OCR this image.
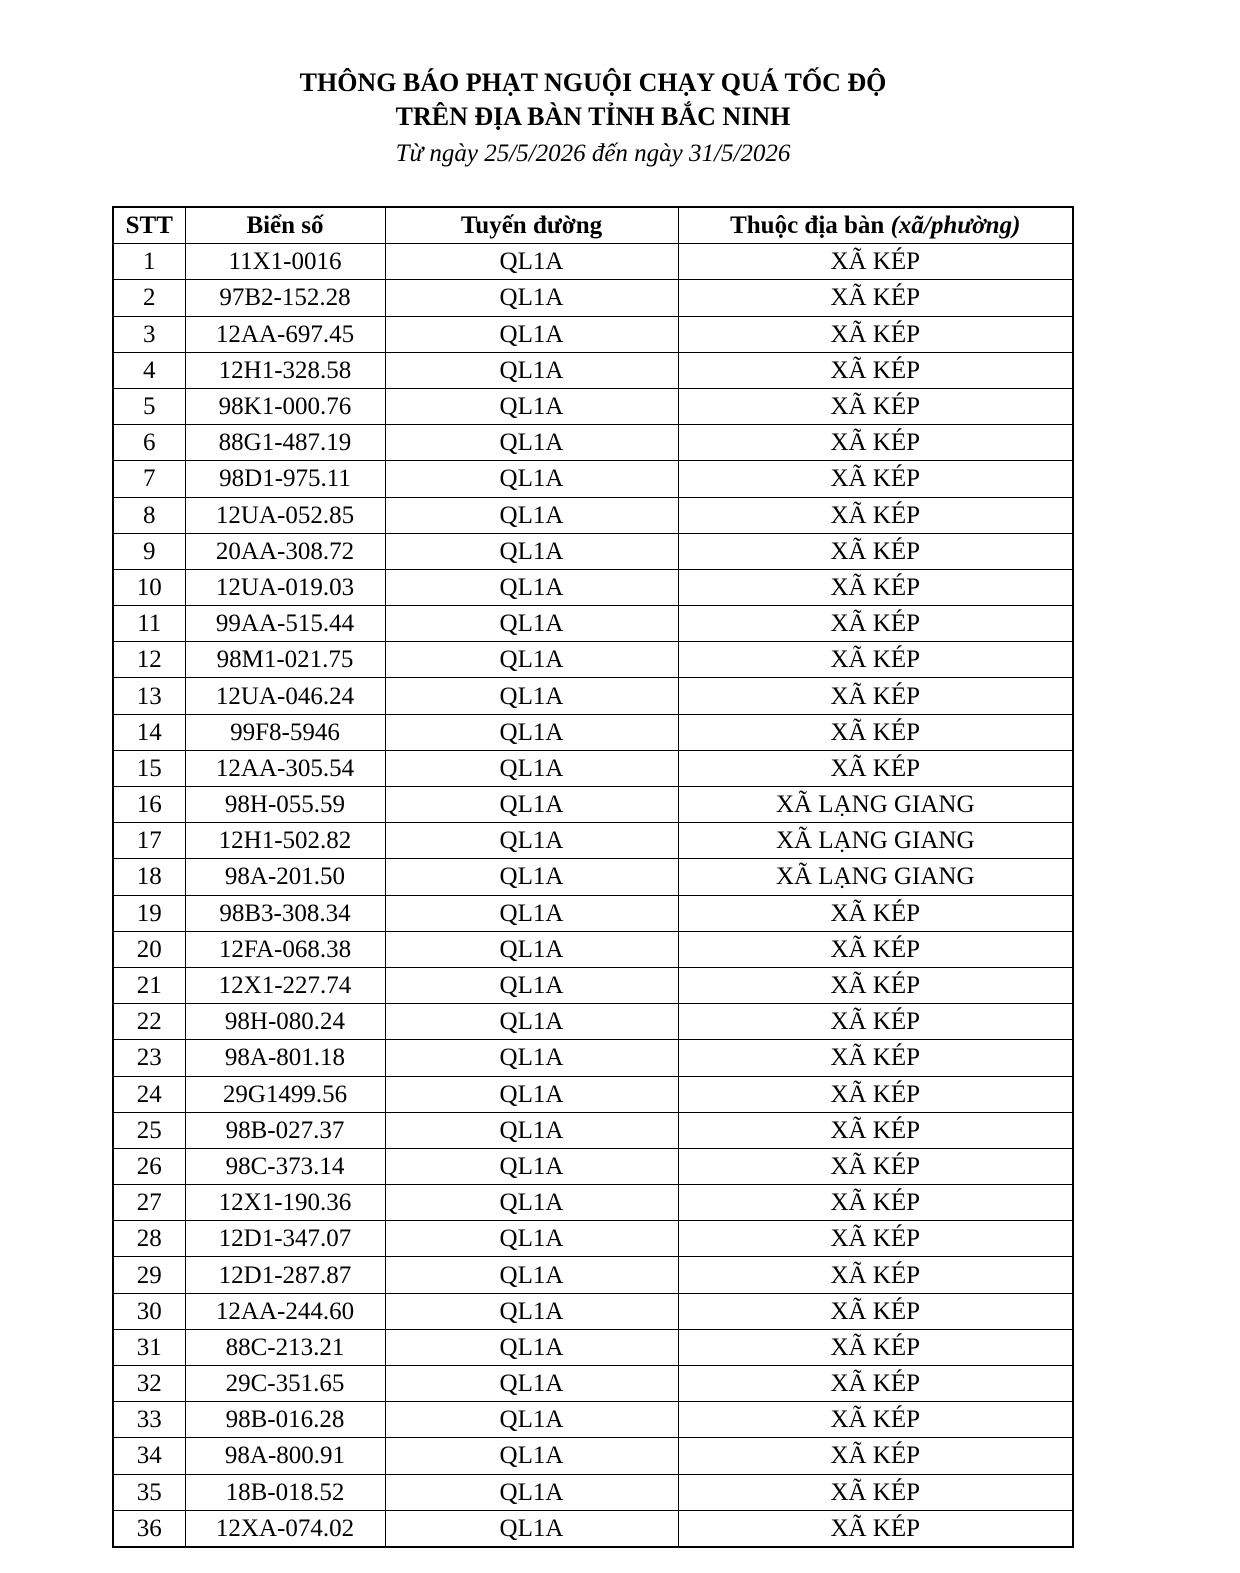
THÔNG BÁO PHẠT NGUỘI CHẠY QUÁ TỐC ĐỘ
TRÊN ĐỊA BÀN TỈNH BẮC NINH
Từ ngày 25/5/2026 đến ngày 31/5/2026
STT	Biển số	Tuyến đường	Thuộc địa bàn (xã/phường)
1	11X1-0016	QL1A	XÃ KÉP
2	97B2-152.28	QL1A	XÃ KÉP
3	12AA-697.45	QL1A	XÃ KÉP
4	12H1-328.58	QL1A	XÃ KÉP
5	98K1-000.76	QL1A	XÃ KÉP
6	88G1-487.19	QL1A	XÃ KÉP
7	98D1-975.11	QL1A	XÃ KÉP
8	12UA-052.85	QL1A	XÃ KÉP
9	20AA-308.72	QL1A	XÃ KÉP
10	12UA-019.03	QL1A	XÃ KÉP
11	99AA-515.44	QL1A	XÃ KÉP
12	98M1-021.75	QL1A	XÃ KÉP
13	12UA-046.24	QL1A	XÃ KÉP
14	99F8-5946	QL1A	XÃ KÉP
15	12AA-305.54	QL1A	XÃ KÉP
16	98H-055.59	QL1A	XÃ LẠNG GIANG
17	12H1-502.82	QL1A	XÃ LẠNG GIANG
18	98A-201.50	QL1A	XÃ LẠNG GIANG
19	98B3-308.34	QL1A	XÃ KÉP
20	12FA-068.38	QL1A	XÃ KÉP
21	12X1-227.74	QL1A	XÃ KÉP
22	98H-080.24	QL1A	XÃ KÉP
23	98A-801.18	QL1A	XÃ KÉP
24	29G1499.56	QL1A	XÃ KÉP
25	98B-027.37	QL1A	XÃ KÉP
26	98C-373.14	QL1A	XÃ KÉP
27	12X1-190.36	QL1A	XÃ KÉP
28	12D1-347.07	QL1A	XÃ KÉP
29	12D1-287.87	QL1A	XÃ KÉP
30	12AA-244.60	QL1A	XÃ KÉP
31	88C-213.21	QL1A	XÃ KÉP
32	29C-351.65	QL1A	XÃ KÉP
33	98B-016.28	QL1A	XÃ KÉP
34	98A-800.91	QL1A	XÃ KÉP
35	18B-018.52	QL1A	XÃ KÉP
36	12XA-074.02	QL1A	XÃ KÉP
